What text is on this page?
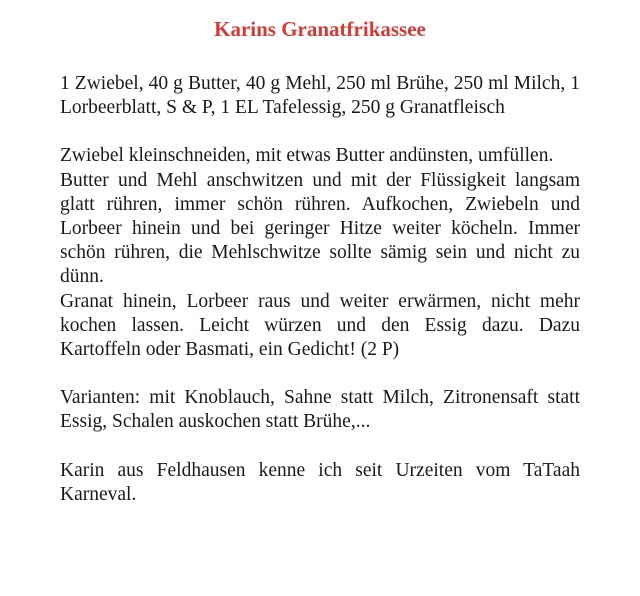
Karins Granatfrikassee

1 Zwiebel, 40 g Butter, 40 g Mehl, 250 ml Brühe, 250 ml Milch, 1 Lorbeerblatt, S & P, 1 EL Tafelessig, 250 g Granatfleisch

Zwiebel kleinschneiden, mit etwas Butter andünsten, umfüllen.

Butter und Mehl anschwitzen und mit der Flüssigkeit langsam glatt rühren, immer schön rühren. Aufkochen, Zwiebeln und Lorbeer hinein und bei geringer Hitze weiter köcheln. Immer schön rühren, die Mehlschwitze sollte sämig sein und nicht zu dünn.

Granat hinein, Lorbeer raus und weiter erwärmen, nicht mehr kochen lassen. Leicht würzen und den Essig dazu. Dazu Kartoffeln oder Basmati, ein Gedicht! (2 P)

Varianten: mit Knoblauch, Sahne statt Milch, Zitronensaft statt Essig, Schalen auskochen statt Brühe,...

Karin aus Feldhausen kenne ich seit Urzeiten vom TaTaah Karneval.
